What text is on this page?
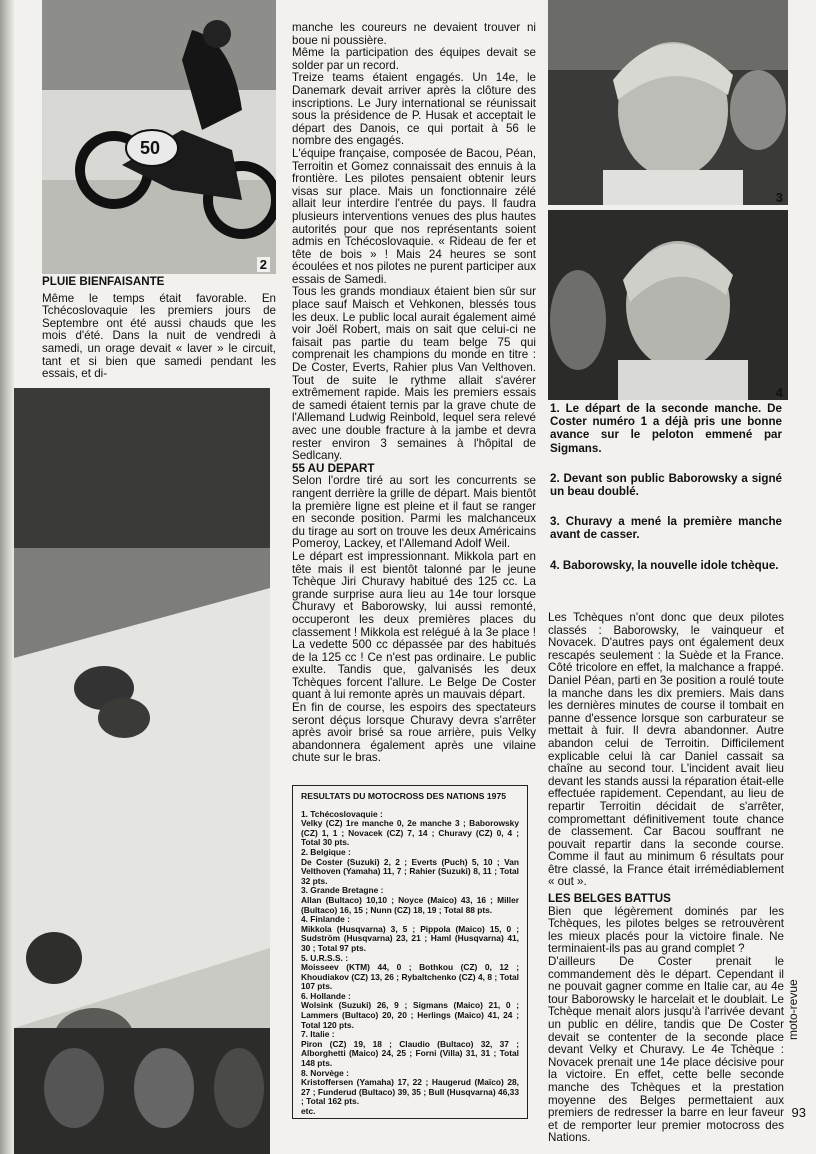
50
2
3
4

PLUIE BIENFAISANTE

Même le temps était favorable. En Tchécoslovaquie les premiers jours de Septembre ont été aussi chauds que les mois d'été. Dans la nuit de vendredi à samedi, un orage devait « laver » le circuit, tant et si bien que samedi pendant les essais, et di-

manche les coureurs ne devaient trouver ni boue ni poussière.

Même la participation des équipes devait se solder par un record.

Treize teams étaient engagés. Un 14e, le Danemark devait arriver après la clôture des inscriptions. Le Jury international se réunissait sous la présidence de P. Husak et acceptait le départ des Danois, ce qui portait à 56 le nombre des engagés.

L'équipe française, composée de Bacou, Péan, Terroitin et Gomez connaissait des ennuis à la frontière. Les pilotes pensaient obtenir leurs visas sur place. Mais un fonctionnaire zélé allait leur interdire l'entrée du pays. Il faudra plusieurs interventions venues des plus hautes autorités pour que nos représentants soient admis en Tchécoslovaquie. « Rideau de fer et tête de bois » ! Mais 24 heures se sont écoulées et nos pilotes ne purent participer aux essais de Samedi.

Tous les grands mondiaux étaient bien sûr sur place sauf Maisch et Vehkonen, blessés tous les deux. Le public local aurait également aimé voir Joël Robert, mais on sait que celui-ci ne faisait pas partie du team belge 75 qui comprenait les champions du monde en titre : De Coster, Everts, Rahier plus Van Velthoven. Tout de suite le rythme allait s'avérer extrêmement rapide. Mais les premiers essais de samedi étaient ternis par la grave chute de l'Allemand Ludwig Reinbold, lequel sera relevé avec une double fracture à la jambe et devra rester environ 3 semaines à l'hôpital de Sedlcany.

55 AU DEPART

Selon l'ordre tiré au sort les concurrents se rangent derrière la grille de départ. Mais bientôt la première ligne est pleine et il faut se ranger en seconde position. Parmi les malchanceux du tirage au sort on trouve les deux Américains Pomeroy, Lackey, et l'Allemand Adolf Weil.

Le départ est impressionnant. Mikkola part en tête mais il est bientôt talonné par le jeune Tchèque Jiri Churavy habitué des 125 cc. La grande surprise aura lieu au 14e tour lorsque Churavy et Baborowsky, lui aussi remonté, occuperont les deux premières places du classement ! Mikkola est relégué à la 3e place ! La vedette 500 cc dépassée par des habitués de la 125 cc ! Ce n'est pas ordinaire. Le public exulte. Tandis que, galvanisés les deux Tchèques forcent l'allure. Le Belge De Coster quant à lui remonte après un mauvais départ.

En fin de course, les espoirs des spectateurs seront déçus lorsque Churavy devra s'arrêter après avoir brisé sa roue arrière, puis Velky abandonnera également après une vilaine chute sur le bras.

RESULTATS DU MOTOCROSS DES NATIONS 1975

1. Tchécoslovaquie :

Velky (CZ) 1re manche 0, 2e manche 3 ; Baborowsky (CZ) 1, 1 ; Novacek (CZ) 7, 14 ; Churavy (CZ) 0, 4 ; Total 30 pts.

2. Belgique :

De Coster (Suzuki) 2, 2 ; Everts (Puch) 5, 10 ; Van Velthoven (Yamaha) 11, 7 ; Rahier (Suzuki) 8, 11 ; Total 32 pts.

3. Grande Bretagne :

Allan (Bultaco) 10,10 ; Noyce (Maico) 43, 16 ; Miller (Bultaco) 16, 15 ; Nunn (CZ) 18, 19 ; Total 88 pts.

4. Finlande :

Mikkola (Husqvarna) 3, 5 ; Pippola (Maico) 15, 0 ; Sudström (Husqvarna) 23, 21 ; Haml (Husqvarna) 41, 30 ; Total 97 pts.

5. U.R.S.S. :

Moisseev (KTM) 44, 0 ; Bothkou (CZ) 0, 12 ; Khoudiakov (CZ) 13, 26 ; Rybaltchenko (CZ) 4, 8 ; Total 107 pts.

6. Hollande :

Wolsink (Suzuki) 26, 9 ; Sigmans (Maico) 21, 0 ; Lammers (Bultaco) 20, 20 ; Herlings (Maico) 41, 24 ; Total 120 pts.

7. Italie :

Piron (CZ) 19, 18 ; Claudio (Bultaco) 32, 37 ; Alborghetti (Maico) 24, 25 ; Forni (Villa) 31, 31 ; Total 148 pts.

8. Norvège :

Kristoffersen (Yamaha) 17, 22 ; Haugerud (Maïco) 28, 27 ; Funderud (Bultaco) 39, 35 ; Bull (Husqvarna) 46,33 ; Total 162 pts.

etc.

1. Le départ de la seconde manche. De Coster numéro 1 a déjà pris une bonne avance sur le peloton emmené par Sigmans.

2. Devant son public Baborowsky a signé un beau doublé.

3. Churavy a mené la première manche avant de casser.

4. Baborowsky, la nouvelle idole tchèque.

Les Tchèques n'ont donc que deux pilotes classés : Baborowsky, le vainqueur et Novacek. D'autres pays ont également deux rescapés seulement : la Suède et la France. Côté tricolore en effet, la malchance a frappé. Daniel Péan, parti en 3e position a roulé toute la manche dans les dix premiers. Mais dans les dernières minutes de course il tombait en panne d'essence lorsque son carburateur se mettait à fuir. Il devra abandonner. Autre abandon celui de Terroitin. Difficilement explicable celui là car Daniel cassait sa chaîne au second tour. L'incident avait lieu devant les stands aussi la réparation était-elle effectuée rapidement. Cependant, au lieu de repartir Terroitin décidait de s'arrêter, compromettant définitivement toute chance de classement. Car Bacou souffrant ne pouvait repartir dans la seconde course. Comme il faut au minimum 6 résultats pour être classé, la France était irrémédiablement « out ».

LES BELGES BATTUS

Bien que légèrement dominés par les Tchèques, les pilotes belges se retrouvèrent les mieux placés pour la victoire finale. Ne terminaient-ils pas au grand complet ?

D'ailleurs De Coster prenait le commandement dès le départ. Cependant il ne pouvait gagner comme en Italie car, au 4e tour Baborowsky le harcelait et le doublait. Le Tchèque menait alors jusqu'à l'arrivée devant un public en délire, tandis que De Coster devait se contenter de la seconde place devant Velky et Churavy. Le 4e Tchèque : Novacek prenait une 14e place décisive pour la victoire. En effet, cette belle seconde manche des Tchèques et la prestation moyenne des Belges permettaient aux premiers de redresser la barre en leur faveur et de remporter leur premier motocross des Nations.

moto-revue
93
